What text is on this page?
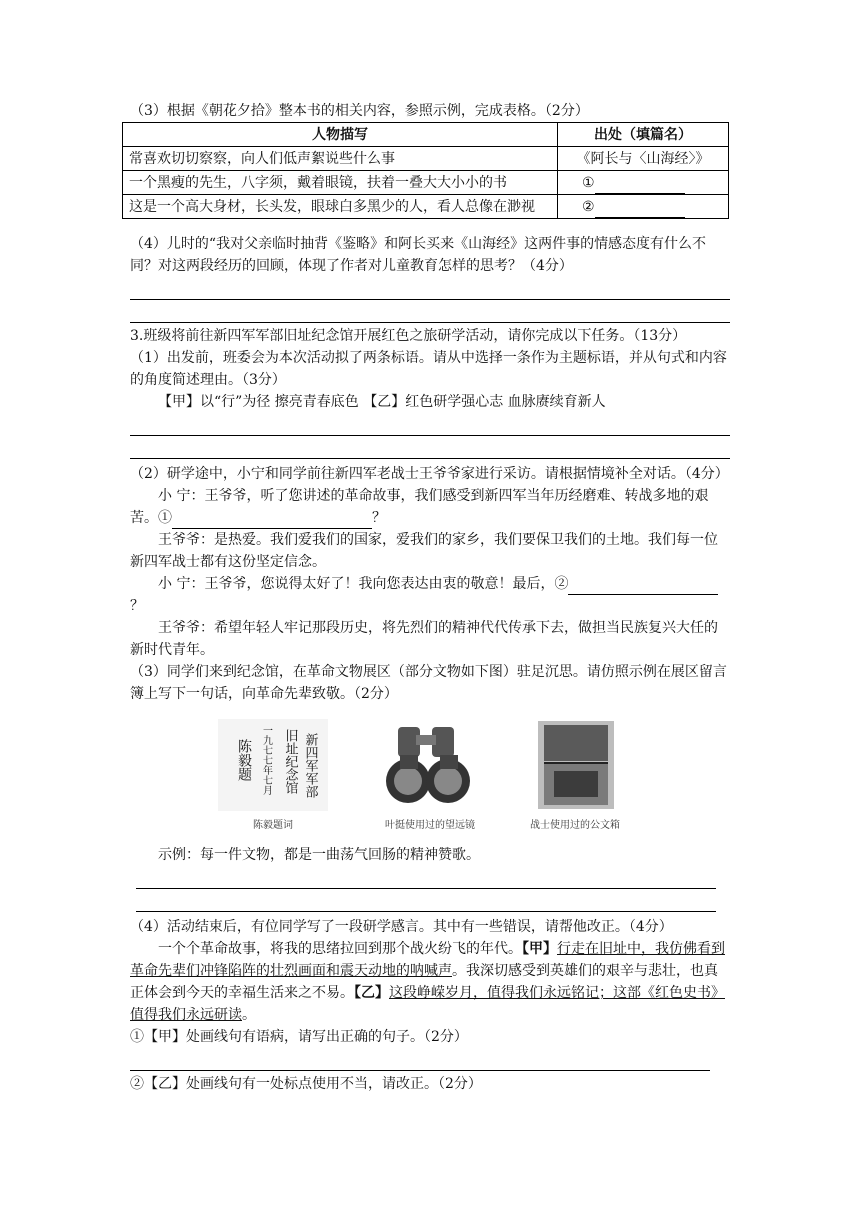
（3）根据《朝花夕拾》整本书的相关内容，参照示例，完成表格。（2分）

人物描写	出处（填篇名）
常喜欢切切察察，向人们低声絮说些什么事	《阿长与〈山海经〉》
一个黑瘦的先生，八字须，戴着眼镜，扶着一叠大大小小的书	①
这是一个高大身材，长头发，眼球白多黑少的人，看人总像在渺视	②

（4）儿时的“我对父亲临时抽背《鉴略》和阿长买来《山海经》这两件事的情感态度有什么不同？对这两段经历的回顾，体现了作者对儿童教育怎样的思考？（4分）

3.班级将前往新四军军部旧址纪念馆开展红色之旅研学活动，请你完成以下任务。（13分）

（1）出发前，班委会为本次活动拟了两条标语。请从中选择一条作为主题标语，并从句式和内容的角度简述理由。（3分）

【甲】以“行”为径 擦亮青春底色 【乙】红色研学强心志 血脉赓续育新人

（2）研学途中，小宁和同学前往新四军老战士王爷爷家进行采访。请根据情境补全对话。（4分）

小 宁：王爷爷，听了您讲述的革命故事，我们感受到新四军当年历经磨难、转战多地的艰苦。①	？

王爷爷：是热爱。我们爱我们的国家，爱我们的家乡，我们要保卫我们的土地。我们每一位新四军战士都有这份坚定信念。

小 宁：王爷爷，您说得太好了！我向您表达由衷的敬意！最后，②？

王爷爷：希望年轻人牢记那段历史，将先烈们的精神代代传承下去，做担当民族复兴大任的新时代青年。

（3）同学们来到纪念馆，在革命文物展区（部分文物如下图）驻足沉思。请仿照示例在展区留言簿上写下一句话，向革命先辈致敬。（2分）

新四军军部
旧址纪念馆
一九七七年七月
陈毅题
陈毅题词	叶挺使用过的望远镜	战士使用过的公文箱

示例：每一件文物，都是一曲荡气回肠的精神赞歌。

（4）活动结束后，有位同学写了一段研学感言。其中有一些错误，请帮他改正。（4分）

一个个革命故事，将我的思绪拉回到那个战火纷飞的年代。【甲】行走在旧址中，我仿佛看到革命先辈们冲锋陷阵的壮烈画面和震天动地的呐喊声。我深切感受到英雄们的艰辛与悲壮，也真正体会到今天的幸福生活来之不易。【乙】这段峥嵘岁月，值得我们永远铭记；这部《红色史书》值得我们永远研读。

①【甲】处画线句有语病，请写出正确的句子。（2分）

②【乙】处画线句有一处标点使用不当，请改正。（2分）
